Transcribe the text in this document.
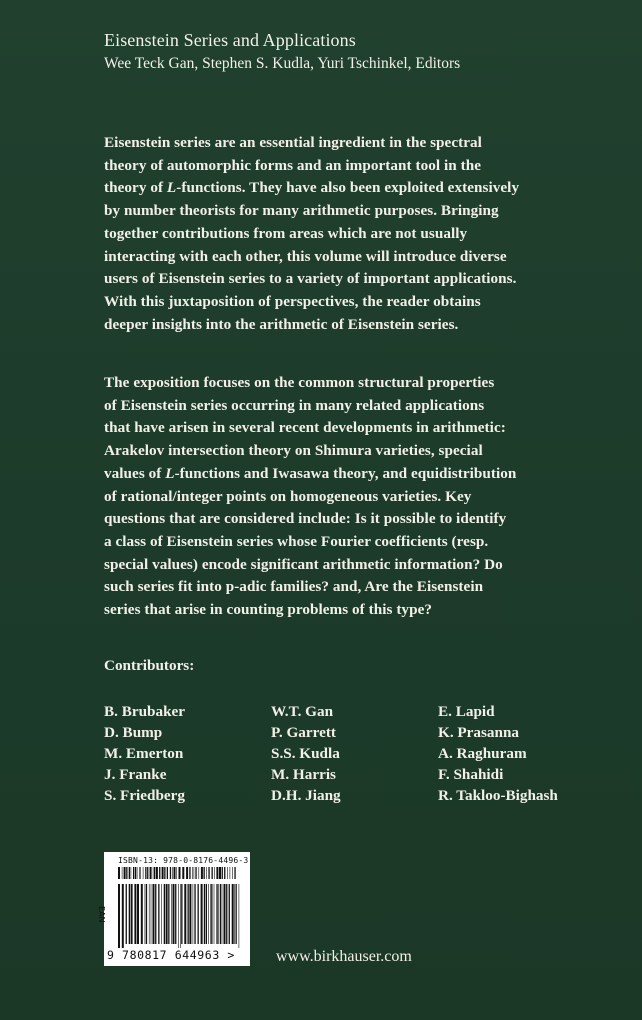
Eisenstein Series and Applications
Wee Teck Gan, Stephen S. Kudla, Yuri Tschinkel, Editors
Eisenstein series are an essential ingredient in the spectral
theory of automorphic forms and an important tool in the
theory of L-functions. They have also been exploited extensively
by number theorists for many arithmetic purposes. Bringing
together contributions from areas which are not usually
interacting with each other, this volume will introduce diverse
users of Eisenstein series to a variety of important applications.
With this juxtaposition of perspectives, the reader obtains
deeper insights into the arithmetic of Eisenstein series.
The exposition focuses on the common structural properties
of Eisenstein series occurring in many related applications
that have arisen in several recent developments in arithmetic:
Arakelov intersection theory on Shimura varieties, special
values of L-functions and Iwasawa theory, and equidistribution
of rational/integer points on homogeneous varieties. Key
questions that are considered include: Is it possible to identify
a class of Eisenstein series whose Fourier coefficients (resp.
special values) encode significant arithmetic information? Do
such series fit into p-adic families? and, Are the Eisenstein
series that arise in counting problems of this type?
Contributors:
B. Brubaker
D. Bump
M. Emerton
J. Franke
S. Friedberg
W.T. Gan
P. Garrett
S.S. Kudla
M. Harris
D.H. Jiang
E. Lapid
K. Prasanna
A. Raghuram
F. Shahidi
R. Takloo-Bighash
ISBN-13: 978-0-8176-4496-3
EAN
9 780817 644963 >	www.birkhauser.com
